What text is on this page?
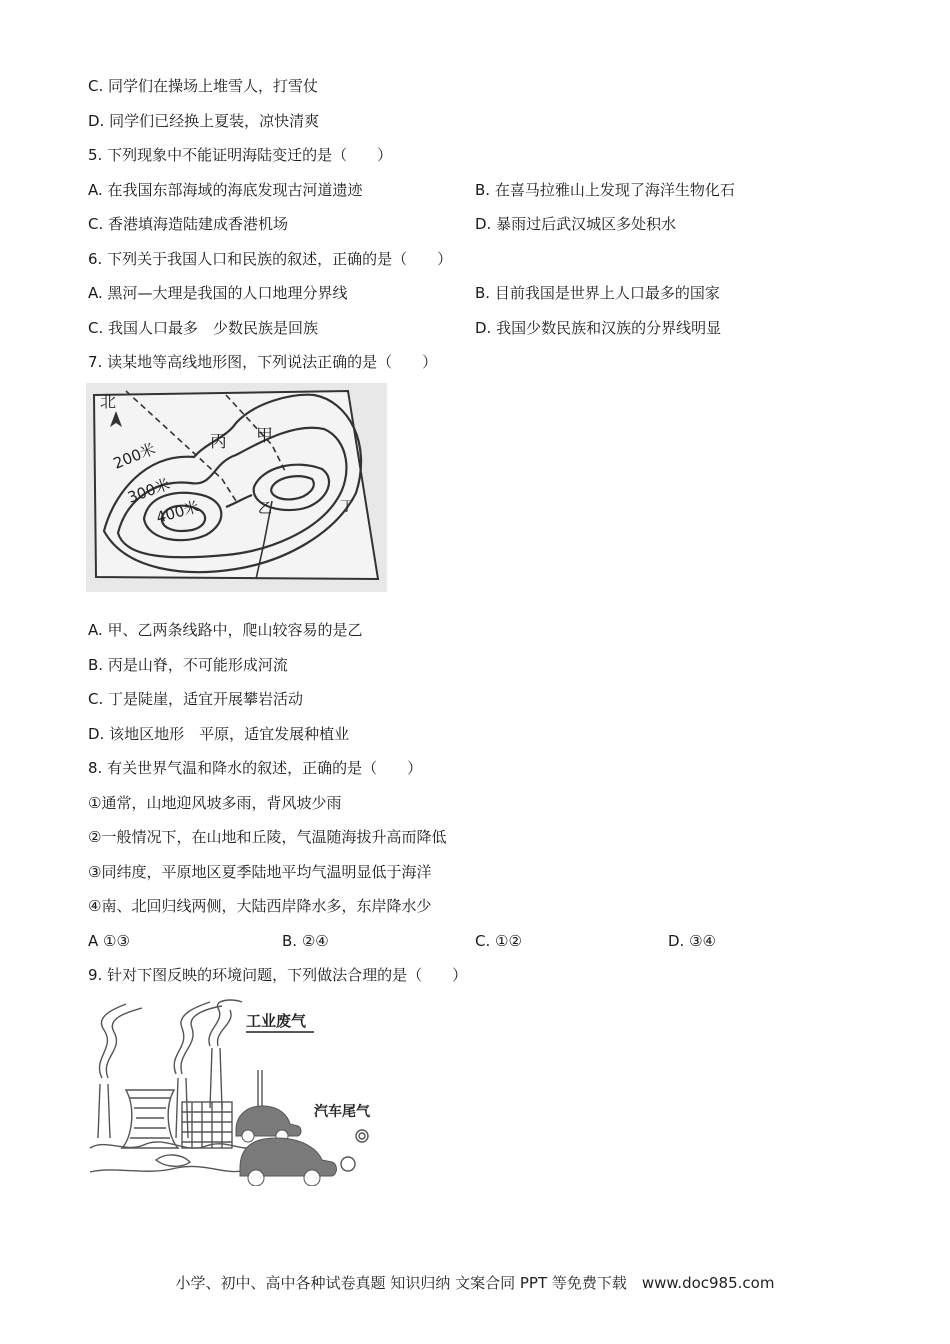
C. 同学们在操场上堆雪人，打雪仗
D. 同学们已经换上夏装，凉快清爽
5. 下列现象中不能证明海陆变迁的是（　　）
A. 在我国东部海域的海底发现古河道遗迹	B. 在喜马拉雅山上发现了海洋生物化石
C. 香港填海造陆建成香港机场	D. 暴雨过后武汉城区多处积水
6. 下列关于我国人口和民族的叙述，正确的是（　　）
A. 黑河—大理是我国的人口地理分界线	B. 目前我国是世界上人口最多的国家
C. 我国人口最多　少数民族是回族	D. 我国少数民族和汉族的分界线明显
7. 读某地等高线地形图，下列说法正确的是（　　）
北
丙 甲
乙	丁
200米
300米
400米
A. 甲、乙两条线路中，爬山较容易的是乙
B. 丙是山脊，不可能形成河流
C. 丁是陡崖，适宜开展攀岩活动
D. 该地区地形　平原，适宜发展种植业
8. 有关世界气温和降水的叙述，正确的是（　　）
①通常，山地迎风坡多雨，背风坡少雨
②一般情况下，在山地和丘陵，气温随海拔升高而降低
③同纬度，平原地区夏季陆地平均气温明显低于海洋
④南、北回归线两侧，大陆西岸降水多，东岸降水少
A ①③	B. ②④	C. ①②	D. ③④
9. 针对下图反映的环境问题，下列做法合理的是（　　）
工业废气
汽车尾气
小学、初中、高中各种试卷真题 知识归纳 文案合同 PPT 等免费下载　www.doc985.com
